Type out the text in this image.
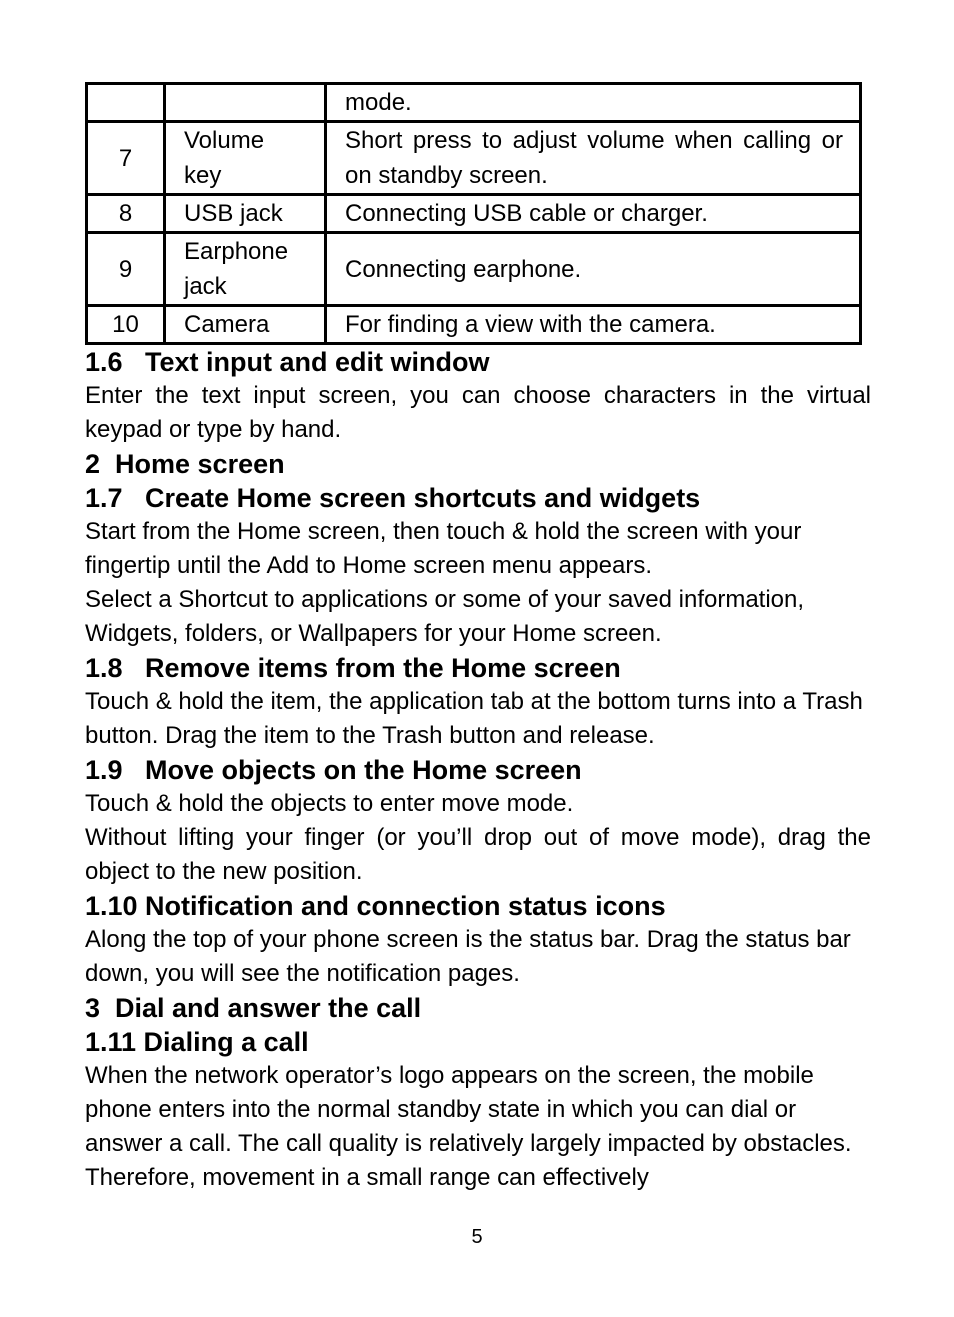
		mode.
7	Volume key	Short press to adjust volume when calling or on standby screen.
8	USB jack	Connecting USB cable or charger.
9	Earphone jack	Connecting earphone.
10	Camera	For finding a view with the camera.
1.6   Text input and edit window

Enter the text input screen, you can choose characters in the virtual keypad or type by hand.

2  Home screen
1.7   Create Home screen shortcuts and widgets

Start from the Home screen, then touch & hold the screen with your fingertip until the Add to Home screen menu appears.

Select a Shortcut to applications or some of your saved information, Widgets, folders, or Wallpapers for your Home screen.

1.8   Remove items from the Home screen

Touch & hold the item, the application tab at the bottom turns into a Trash button. Drag the item to the Trash button and release.

1.9   Move objects on the Home screen

Touch & hold the objects to enter move mode.

Without lifting your finger (or you’ll drop out of move mode), drag the object to the new position.

1.10 Notification and connection status icons

Along the top of your phone screen is the status bar. Drag the status bar down, you will see the notification pages.

3  Dial and answer the call
1.11 Dialing a call

When the network operator’s logo appears on the screen, the mobile phone enters into the normal standby state in which you can dial or answer a call. The call quality is relatively largely impacted by obstacles. Therefore, movement in a small range can effectively

5
